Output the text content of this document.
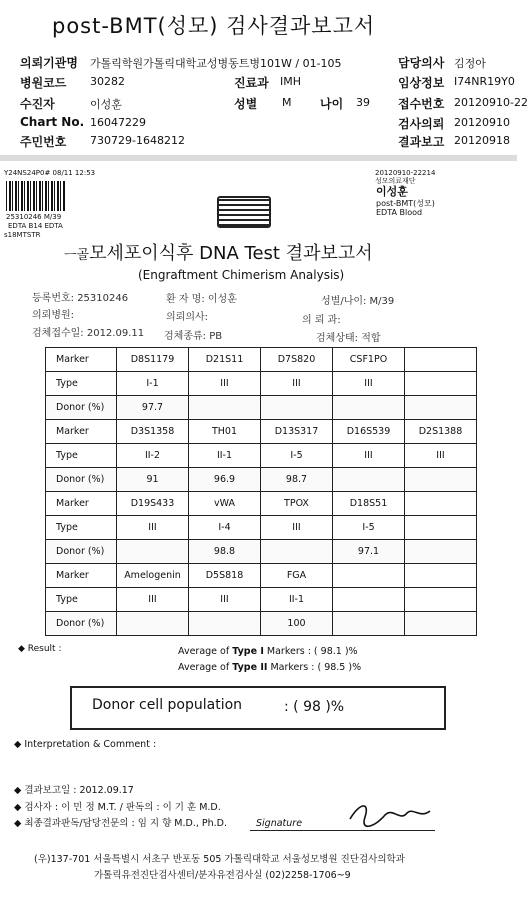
post-BMT(성모) 검사결과보고서
의뢰기관명 가톨릭학원가톨릭대학교성병동트병101W / 01-105	담당의사 김정아
병원코드 30282	진료과 IMH	임상정보 I74NR19Y0
수진자	이성훈	성별 M 나이 39 접수번호 20120910-22
Chart No. 16047229	검사의뢰 20120910
주민번호 730729-1648212	결과보고 20120918
Y24NS24P0# 08/11 12:53
25310246 M/39
EDTA B14 EDTA
s18MTSTR
20120910-22214
성모의료재단
이성훈
post-BMT(성모)
EDTA Blood
ㅡ골모세포이식후 DNA Test 결과보고서
(Engraftment Chimerism Analysis)
등록번호: 25310246	환 자 명: 이성훈	성별/나이: M/39
의뢰병원:	의뢰의사:	의 뢰 과:
검체접수일: 2012.09.11 검체종류: PB	검체상태: 적합
Marker	D8S1179	D21S11	D7S820	CSF1PO	
Type	I-1	III	III	III	
Donor (%)	97.7				
Marker	D3S1358	TH01	D13S317	D16S539	D2S1388
Type	II-2	II-1	I-5	III	III
Donor (%)	91	96.9	98.7		
Marker	D19S433	vWA	TPOX	D18S51	
Type	III	I-4	III	I-5	
Donor (%)		98.8		97.1	
Marker	Amelogenin	D5S818	FGA		
Type	III	III	II-1		
Donor (%)			100		
◆ Result :	Average of Type I Markers : ( 98.1 )%
Average of Type II Markers : ( 98.5 )%
Donor cell population	: ( 98 )%
◆ Interpretation & Comment :
◆ 결과보고일 : 2012.09.17
◆ 검사자 : 이 민 정 M.T. / 판독의 : 이 기 훈 M.D.
◆ 최종결과판독/담당전문의 : 임 지 향 M.D., Ph.D.	Signature
(우)137-701 서울특별시 서초구 반포동 505 가톨릭대학교 서울성모병원 진단검사의학과
가톨릭유전진단검사센터/분자유전검사실 (02)2258-1706~9
